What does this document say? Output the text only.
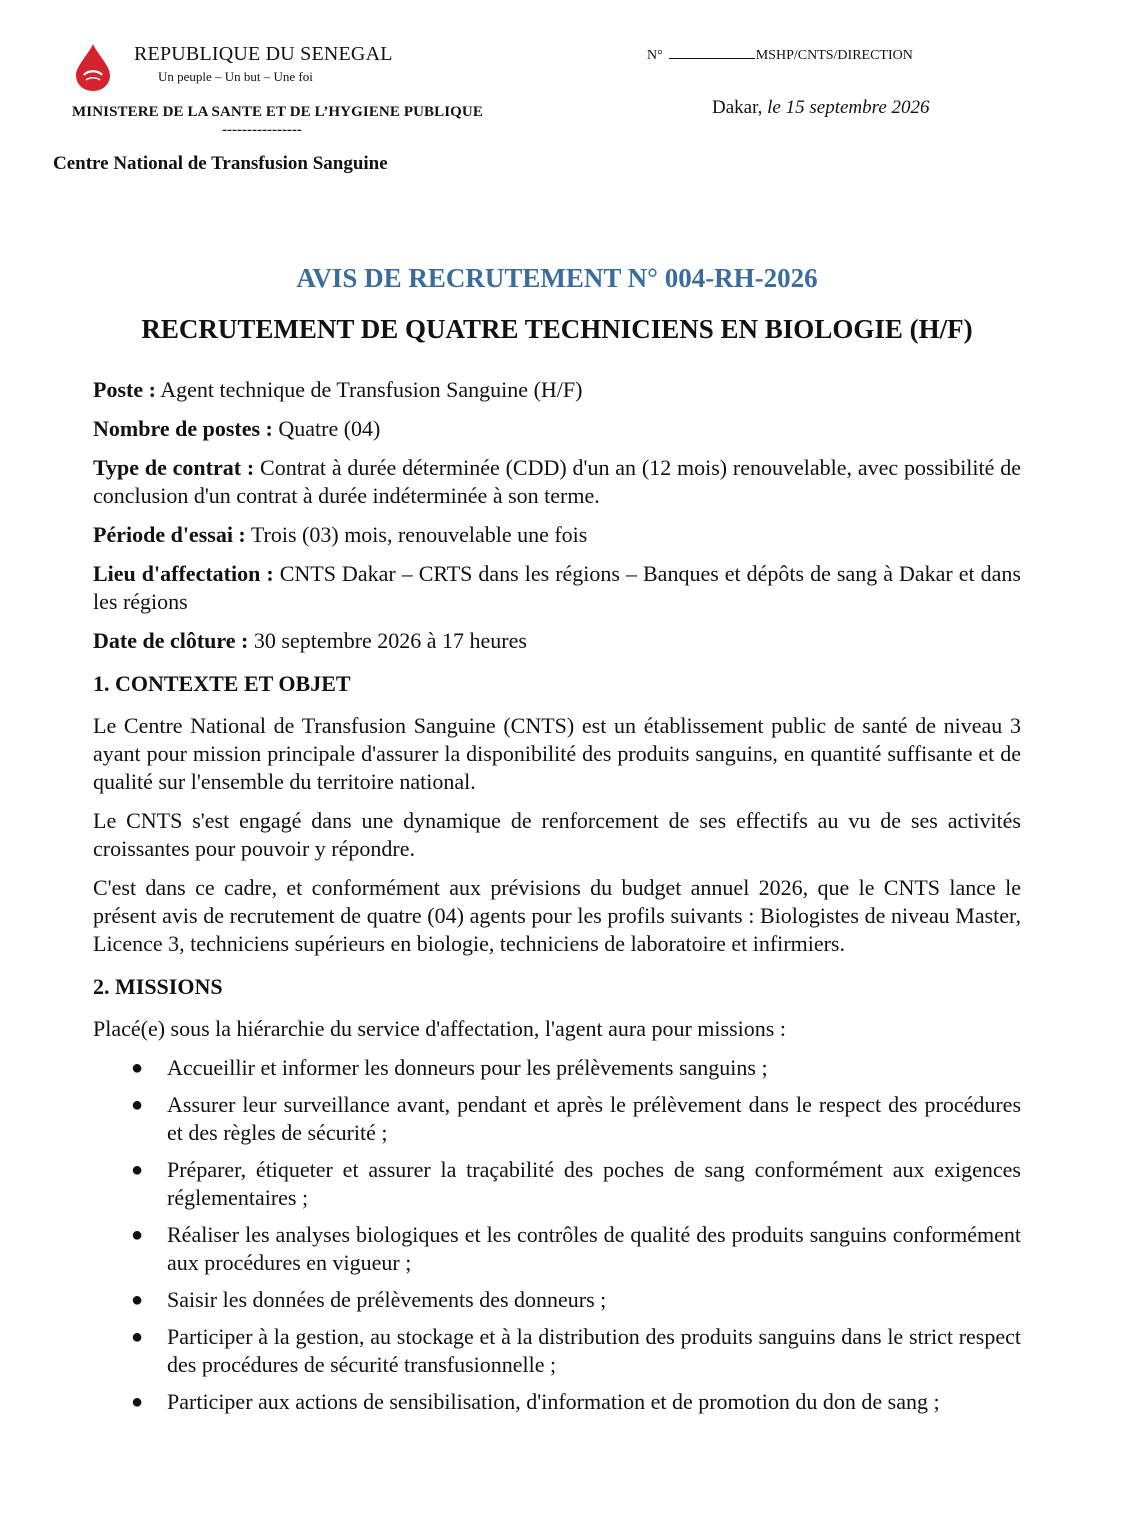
REPUBLIQUE DU SENEGAL
Un peuple – Un but – Une foi
MINISTERE DE LA SANTE ET DE L’HYGIENE PUBLIQUE
----------------
Centre National de Transfusion Sanguine
N°	MSHP/CNTS/DIRECTION
Dakar, le 15 septembre 2026
AVIS DE RECRUTEMENT N° 004-RH-2026
RECRUTEMENT DE QUATRE TECHNICIENS EN BIOLOGIE (H/F)

Poste : Agent technique de Transfusion Sanguine (H/F)

Nombre de postes : Quatre (04)

Type de contrat : Contrat à durée déterminée (CDD) d'un an (12 mois) renouvelable, avec possibilité de conclusion d'un contrat à durée indéterminée à son terme.

Période d'essai : Trois (03) mois, renouvelable une fois

Lieu d'affectation : CNTS Dakar – CRTS dans les régions – Banques et dépôts de sang à Dakar et dans les régions

Date de clôture : 30 septembre 2026 à 17 heures

1. CONTEXTE ET OBJET

Le Centre National de Transfusion Sanguine (CNTS) est un établissement public de santé de niveau 3 ayant pour mission principale d'assurer la disponibilité des produits sanguins, en quantité suffisante et de qualité sur l'ensemble du territoire national.

Le CNTS s'est engagé dans une dynamique de renforcement de ses effectifs au vu de ses activités croissantes pour pouvoir y répondre.

C'est dans ce cadre, et conformément aux prévisions du budget annuel 2026, que le CNTS lance le présent avis de recrutement de quatre (04) agents pour les profils suivants : Biologistes de niveau Master, Licence 3, techniciens supérieurs en biologie, techniciens de laboratoire et infirmiers.

2. MISSIONS

Placé(e) sous la hiérarchie du service d'affectation, l'agent aura pour missions :

● Accueillir et informer les donneurs pour les prélèvements sanguins ;
● Assurer leur surveillance avant, pendant et après le prélèvement dans le respect des procédures et des règles de sécurité ;
● Préparer, étiqueter et assurer la traçabilité des poches de sang conformément aux exigences réglementaires ;
● Réaliser les analyses biologiques et les contrôles de qualité des produits sanguins conformément aux procédures en vigueur ;
● Saisir les données de prélèvements des donneurs ;
● Participer à la gestion, au stockage et à la distribution des produits sanguins dans le strict respect des procédures de sécurité transfusionnelle ;
● Participer aux actions de sensibilisation, d'information et de promotion du don de sang ;
